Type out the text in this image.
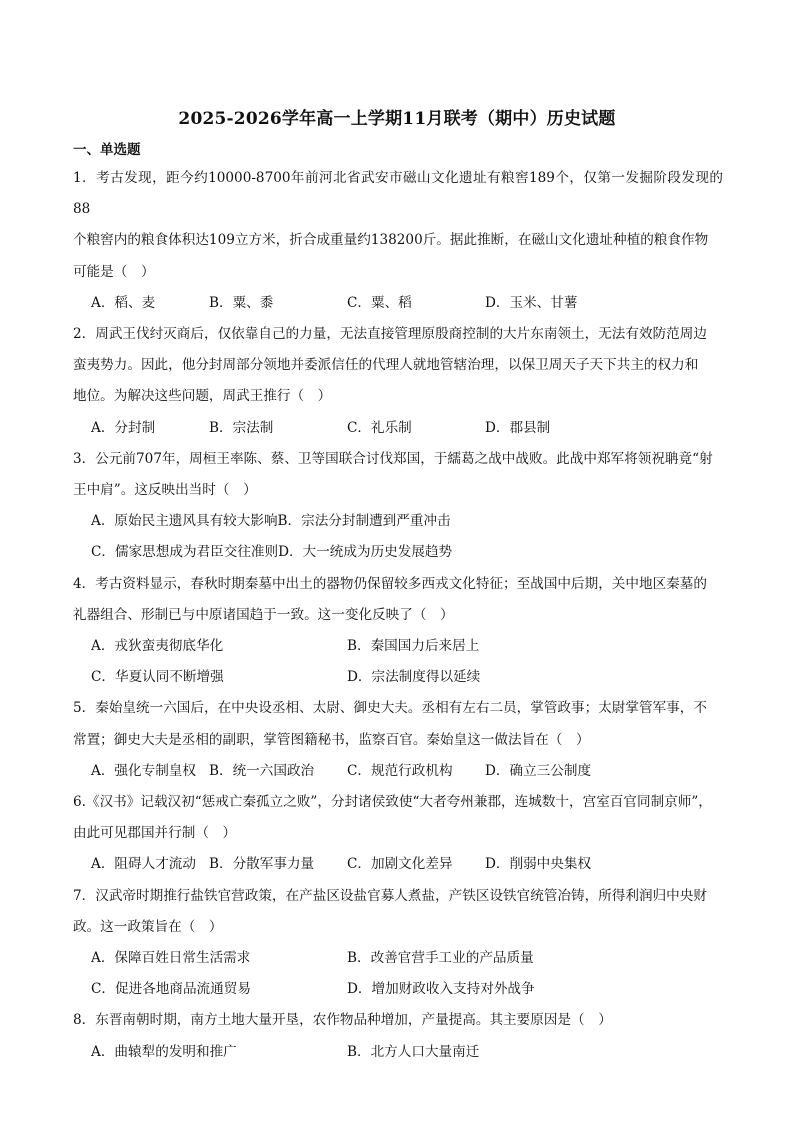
2025-2026学年高一上学期11月联考（期中）历史试题
一、单选题
1．考古发现，距今约10000-8700年前河北省武安市磁山文化遗址有粮窖189个，仅第一发掘阶段发现的88
个粮窖内的粮食体积达109立方米，折合成重量约138200斤。据此推断，在磁山文化遗址种植的粮食作物
可能是（　）
A．稻、麦	B．粟、黍	C．粟、稻	D．玉米、甘薯
2．周武王伐纣灭商后，仅依靠自己的力量，无法直接管理原殷商控制的大片东南领土，无法有效防范周边
蛮夷势力。因此，他分封周部分领地并委派信任的代理人就地管辖治理，以保卫周天子天下共主的权力和
地位。为解决这些问题，周武王推行（　）
A．分封制	B．宗法制	C．礼乐制	D．郡县制
3．公元前707年，周桓王率陈、蔡、卫等国联合讨伐郑国，于繻葛之战中战败。此战中郑军将领祝聃竟“射
王中肩”。这反映出当时（　）
A．原始民主遗风具有较大影响B．宗法分封制遭到严重冲击
C．儒家思想成为君臣交往准则D．大一统成为历史发展趋势
4．考古资料显示，春秋时期秦墓中出土的器物仍保留较多西戎文化特征；至战国中后期，关中地区秦墓的
礼器组合、形制已与中原诸国趋于一致。这一变化反映了（　）
A．戎狄蛮夷彻底华化	B．秦国国力后来居上
C．华夏认同不断增强	D．宗法制度得以延续
5．秦始皇统一六国后，在中央设丞相、太尉、御史大夫。丞相有左右二员，掌管政事；太尉掌管军事，不
常置；御史大夫是丞相的副职，掌管图籍秘书，监察百官。秦始皇这一做法旨在（　）
A．强化专制皇权 B．统一六国政治	C．规范行政机构	D．确立三公制度
6.《汉书》记载汉初“惩戒亡秦孤立之败”，分封诸侯致使“大者夸州兼郡，连城数十，宫室百官同制京师”，
由此可见郡国并行制（　）
A．阻碍人才流动 B．分散军事力量	C．加剧文化差异	D．削弱中央集权
7．汉武帝时期推行盐铁官营政策，在产盐区设盐官募人煮盐，产铁区设铁官统管冶铸，所得利润归中央财
政。这一政策旨在（　）
A．保障百姓日常生活需求	B．改善官营手工业的产品质量
C．促进各地商品流通贸易	D．增加财政收入支持对外战争
8．东晋南朝时期，南方土地大量开垦，农作物品种增加，产量提高。其主要原因是（　）
A．曲辕犁的发明和推广	B．北方人口大量南迁
